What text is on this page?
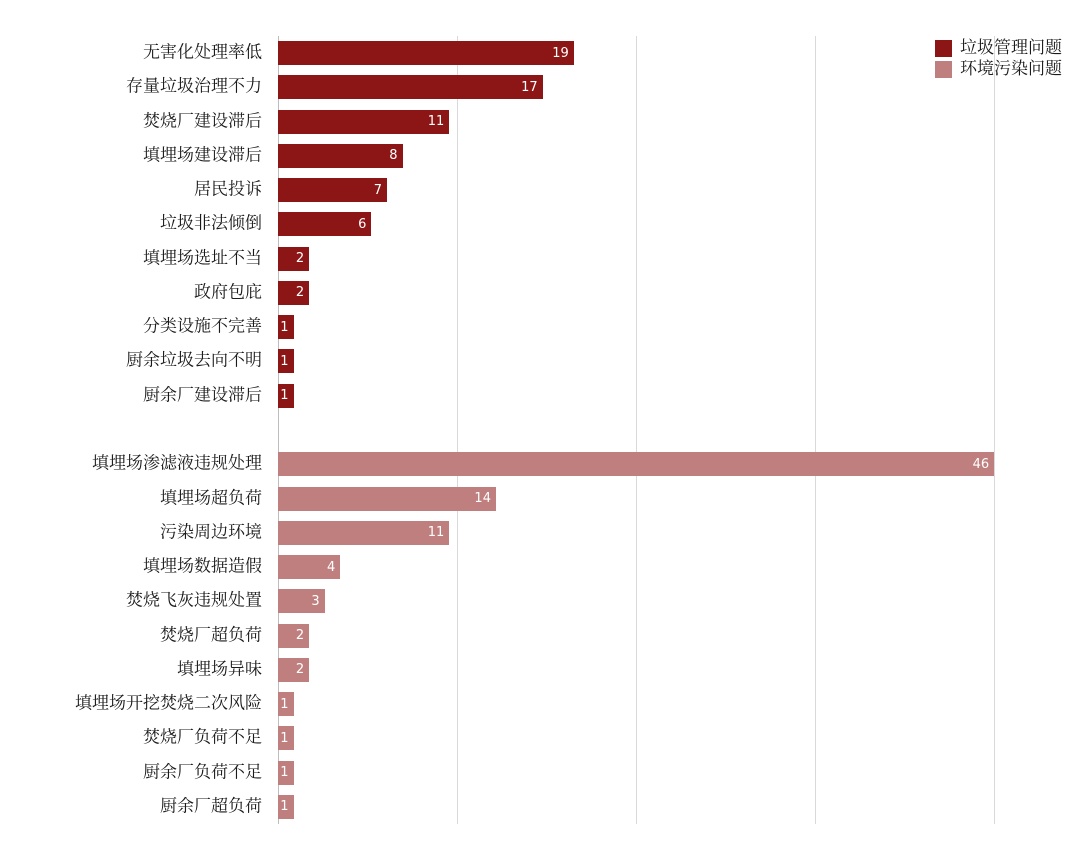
无害化处理率低
存量垃圾治理不力
焚烧厂建设滞后
填埋场建设滞后
居民投诉
垃圾非法倾倒
填埋场选址不当
政府包庇
分类设施不完善
厨余垃圾去向不明
厨余厂建设滞后
填埋场渗滤液违规处理
填埋场超负荷
污染周边环境
填埋场数据造假
焚烧飞灰违规处置
焚烧厂超负荷
填埋场异味
填埋场开挖焚烧二次风险
焚烧厂负荷不足
厨余厂负荷不足
厨余厂超负荷
19
17
11
8
7
6
2
2
1
1
1
46
14
11
4
3
2
2
1
1
1
1
垃圾管理问题
环境污染问题
